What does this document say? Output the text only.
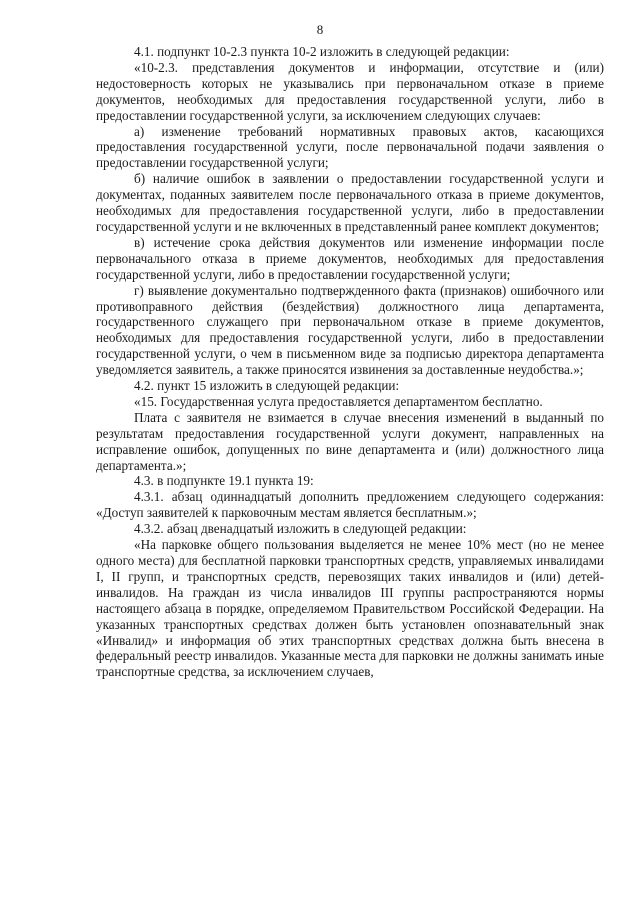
8

4.1. подпункт 10-2.3 пункта 10-2 изложить в следующей редакции:

«10-2.3. представления документов и информации, отсутствие и (или) недостоверность которых не указывались при первоначальном отказе в приеме документов, необходимых для предоставления государственной услуги, либо в предоставлении государственной услуги, за исключением следующих случаев:

а) изменение требований нормативных правовых актов, касающихся предоставления государственной услуги, после первоначальной подачи заявления о предоставлении государственной услуги;

б) наличие ошибок в заявлении о предоставлении государственной услуги и документах, поданных заявителем после первоначального отказа в приеме документов, необходимых для предоставления государственной услуги, либо в предоставлении государственной услуги и не включенных в представленный ранее комплект документов;

в) истечение срока действия документов или изменение информации после первоначального отказа в приеме документов, необходимых для предоставления государственной услуги, либо в предоставлении государственной услуги;

г) выявление документально подтвержденного факта (признаков) ошибочного или противоправного действия (бездействия) должностного лица департамента, государственного служащего при первоначальном отказе в приеме документов, необходимых для предоставления государственной услуги, либо в предоставлении государственной услуги, о чем в письменном виде за подписью директора департамента уведомляется заявитель, а также приносятся извинения за доставленные неудобства.»;

4.2. пункт 15 изложить в следующей редакции:

«15. Государственная услуга предоставляется департаментом бесплатно.

Плата с заявителя не взимается в случае внесения изменений в выданный по результатам предоставления государственной услуги документ, направленных на исправление ошибок, допущенных по вине департамента и (или) должностного лица департамента.»;

4.3. в подпункте 19.1 пункта 19:

4.3.1. абзац одиннадцатый дополнить предложением следующего содержания: «Доступ заявителей к парковочным местам является бесплатным.»;

4.3.2. абзац двенадцатый изложить в следующей редакции:

«На парковке общего пользования выделяется не менее 10% мест (но не менее одного места) для бесплатной парковки транспортных средств, управляемых инвалидами I, II групп, и транспортных средств, перевозящих таких инвалидов и (или) детей-инвалидов. На граждан из числа инвалидов III группы распространяются нормы настоящего абзаца в порядке, определяемом Правительством Российской Федерации. На указанных транспортных средствах должен быть установлен опознавательный знак «Инвалид» и информация об этих транспортных средствах должна быть внесена в федеральный реестр инвалидов. Указанные места для парковки не должны занимать иные транспортные средства, за исключением случаев,
